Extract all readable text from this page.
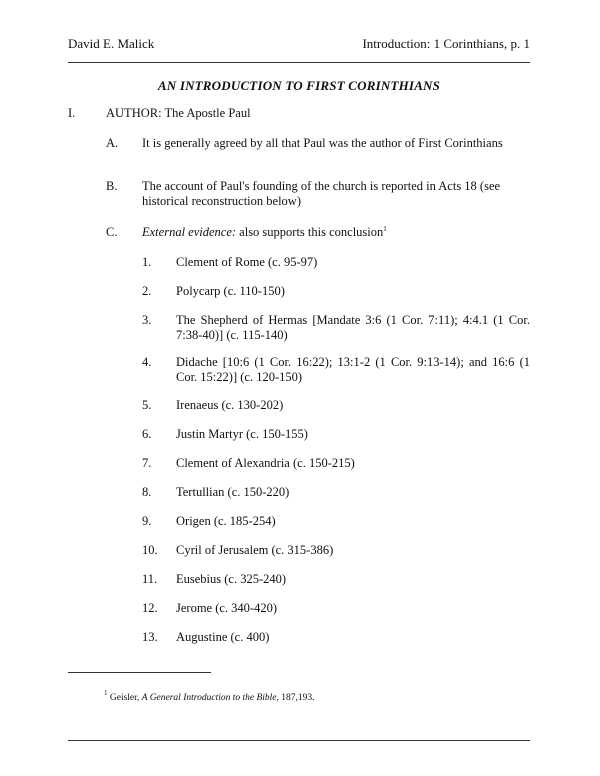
David E. Malick	Introduction: 1 Corinthians, p. 1
AN INTRODUCTION TO FIRST CORINTHIANS
I. AUTHOR: The Apostle Paul
A. It is generally agreed by all that Paul was the author of First Corinthians
B. The account of Paul's founding of the church is reported in Acts 18 (see historical reconstruction below)
C. External evidence: also supports this conclusion$^1$
1. Clement of Rome (c. 95-97)
2. Polycarp (c. 110-150)
3. The Shepherd of Hermas [Mandate 3:6 (1 Cor. 7:11); 4:4.1 (1 Cor. 7:38-40)] (c. 115-140)
4. Didache [10:6 (1 Cor. 16:22); 13:1-2 (1 Cor. 9:13-14); and 16:6 (1 Cor. 15:22)] (c. 120-150)
5. Irenaeus (c. 130-202)
6. Justin Martyr (c. 150-155)
7. Clement of Alexandria (c. 150-215)
8. Tertullian (c. 150-220)
9. Origen (c. 185-254)
10. Cyril of Jerusalem (c. 315-386)
11. Eusebius (c. 325-240)
12. Jerome (c. 340-420)
13. Augustine (c. 400)
$^1$ Geisler, A General Introduction to the Bible, 187,193.
